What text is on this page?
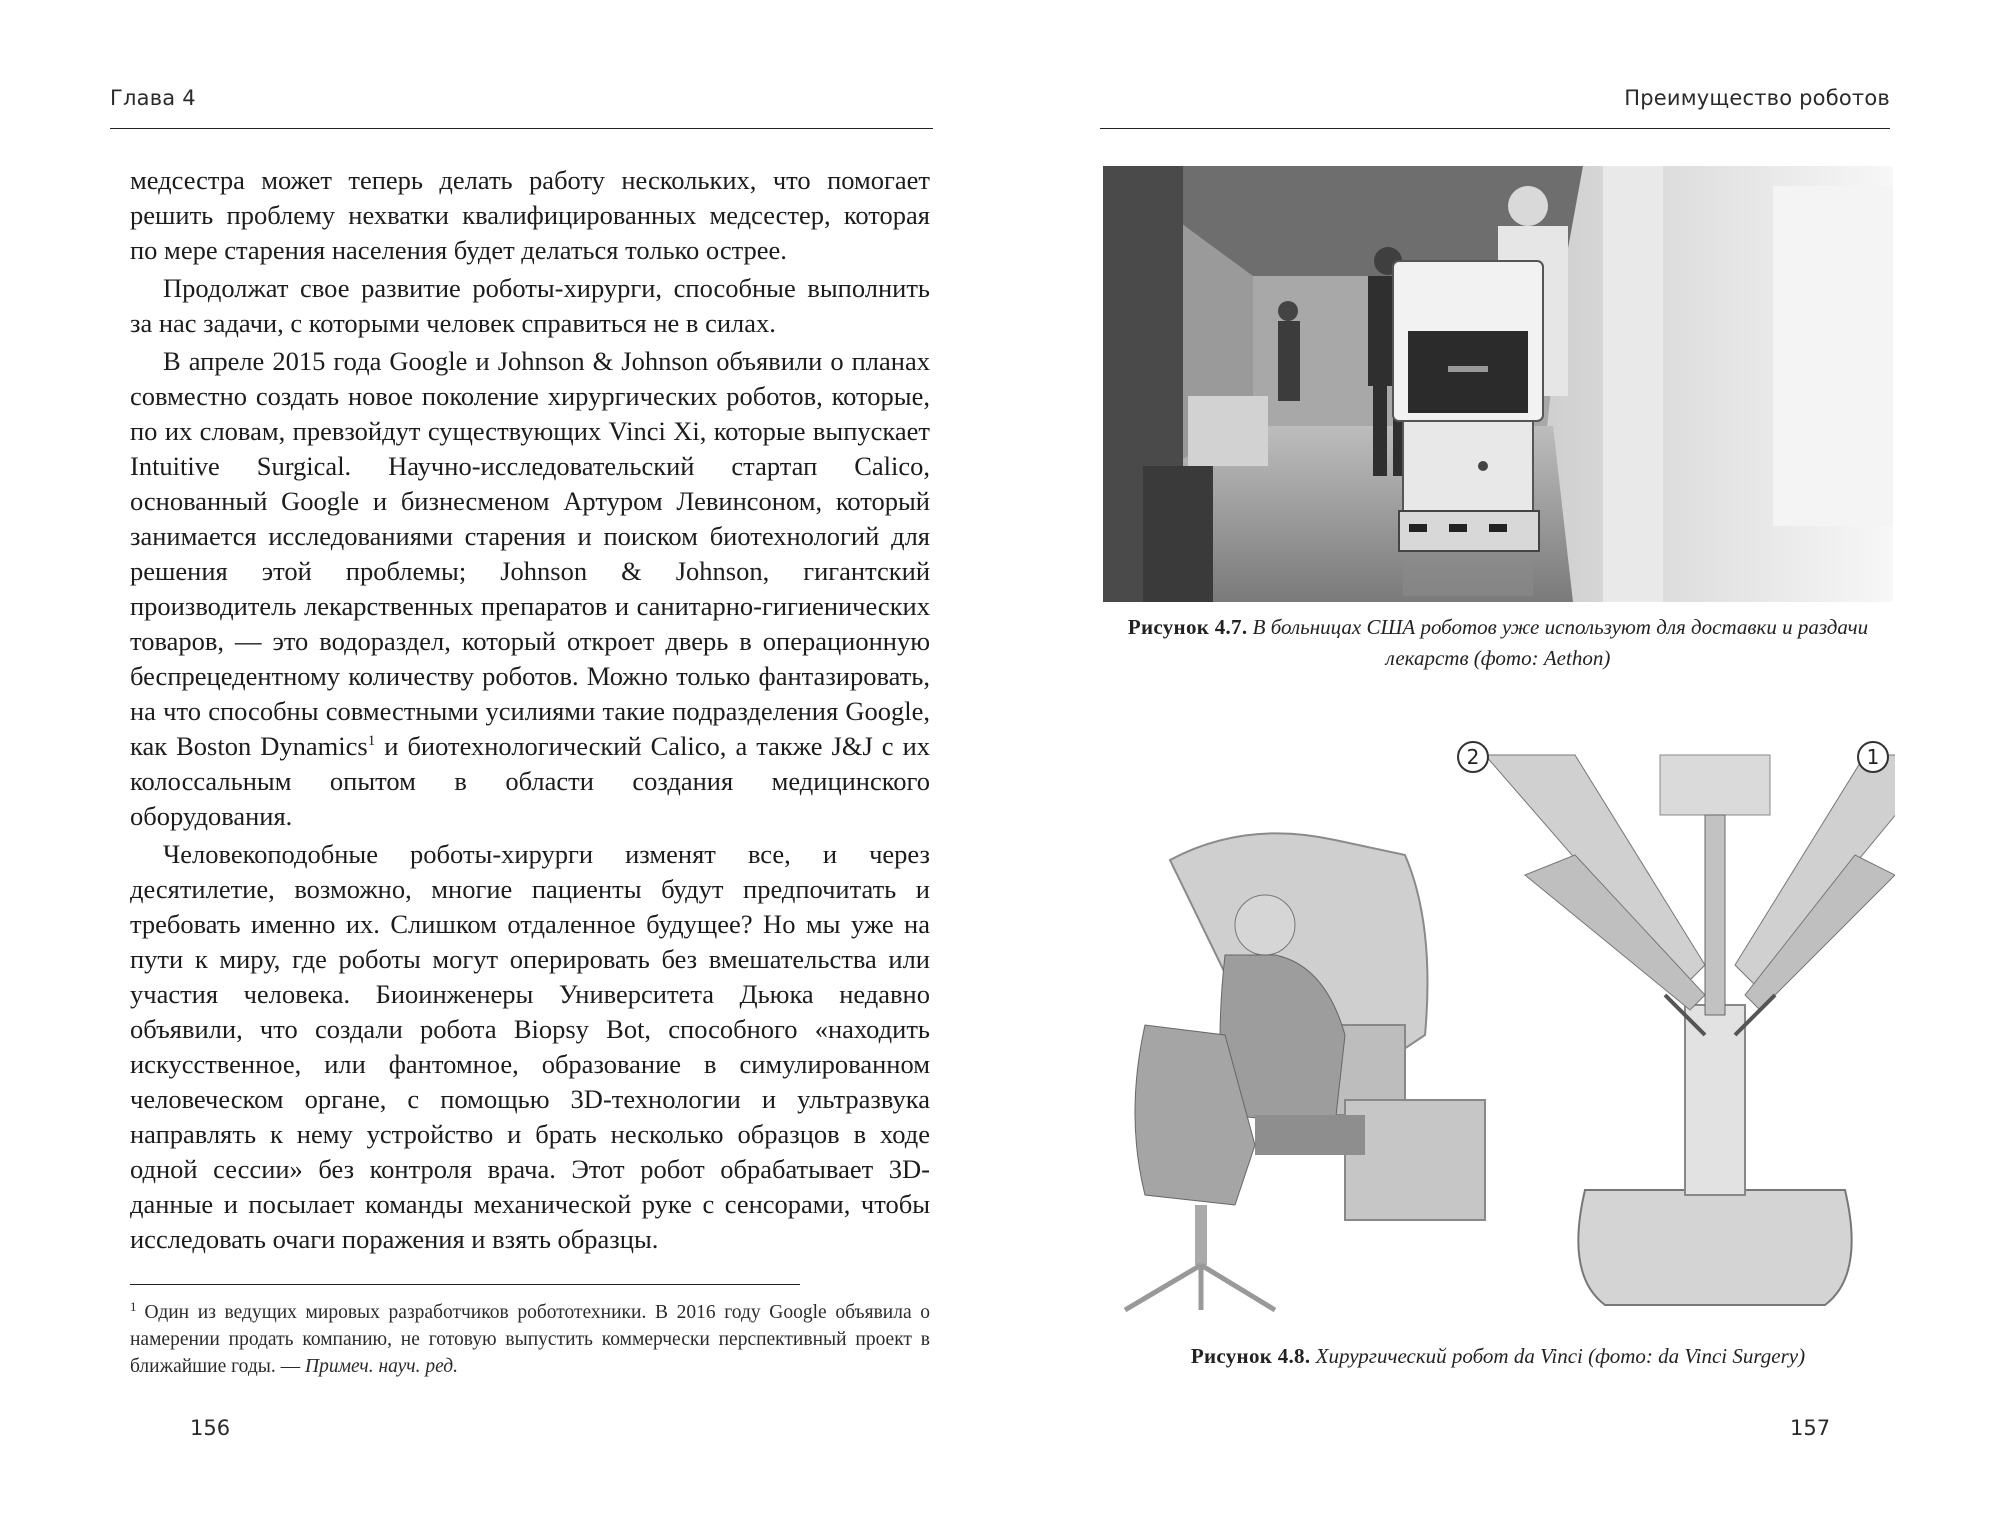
Глава 4

медсестра может теперь делать работу нескольких, что помогает решить проблему нехватки квалифицированных медсестер, которая по мере старения населения будет делаться только острее.

Продолжат свое развитие роботы-хирурги, способные выполнить за нас задачи, с которыми человек справиться не в силах.

В апреле 2015 года Google и Johnson & Johnson объявили о планах совместно создать новое поколение хирургических роботов, которые, по их словам, превзойдут существующих Vinci Xi, которые выпускает Intuitive Surgical. Научно-исследовательский стартап Calico, основанный Google и бизнесменом Артуром Левинсоном, который занимается исследованиями старения и поиском биотехнологий для решения этой проблемы; Johnson & Johnson, гигантский производитель лекарственных препаратов и санитарно-гигиенических товаров, — это водораздел, который откроет дверь в операционную беспрецедентному количеству роботов. Можно только фантазировать, на что способны совместными усилиями такие подразделения Google, как Boston Dynamics$^1$ и биотехнологический Calico, а также J&J с их колоссальным опытом в области создания медицинского оборудования.

Человекоподобные роботы-хирурги изменят все, и через десятилетие, возможно, многие пациенты будут предпочитать и требовать именно их. Слишком отдаленное будущее? Но мы уже на пути к миру, где роботы могут оперировать без вмешательства или участия человека. Биоинженеры Университета Дьюка недавно объявили, что создали робота Biopsy Bot, способного «находить искусственное, или фантомное, образование в симулированном человеческом органе, с помощью 3D-технологии и ультразвука направлять к нему устройство и брать несколько образцов в ходе одной сессии» без контроля врача. Этот робот обрабатывает 3D-данные и посылает команды механической руке с сенсорами, чтобы исследовать очаги поражения и взять образцы.

$^1$ Один из ведущих мировых разработчиков робототехники. В 2016 году Google объявила о намерении продать компанию, не готовую выпустить коммерчески перспективный проект в ближайшие годы. — Примеч. науч. ред.
156
Преимущество роботов
Рисунок 4.7. В больницах США роботов уже используют для доставки и раздачи лекарств (фото: Aethon)
2	1
Рисунок 4.8. Хирургический робот da Vinci (фото: da Vinci Surgery)
157
